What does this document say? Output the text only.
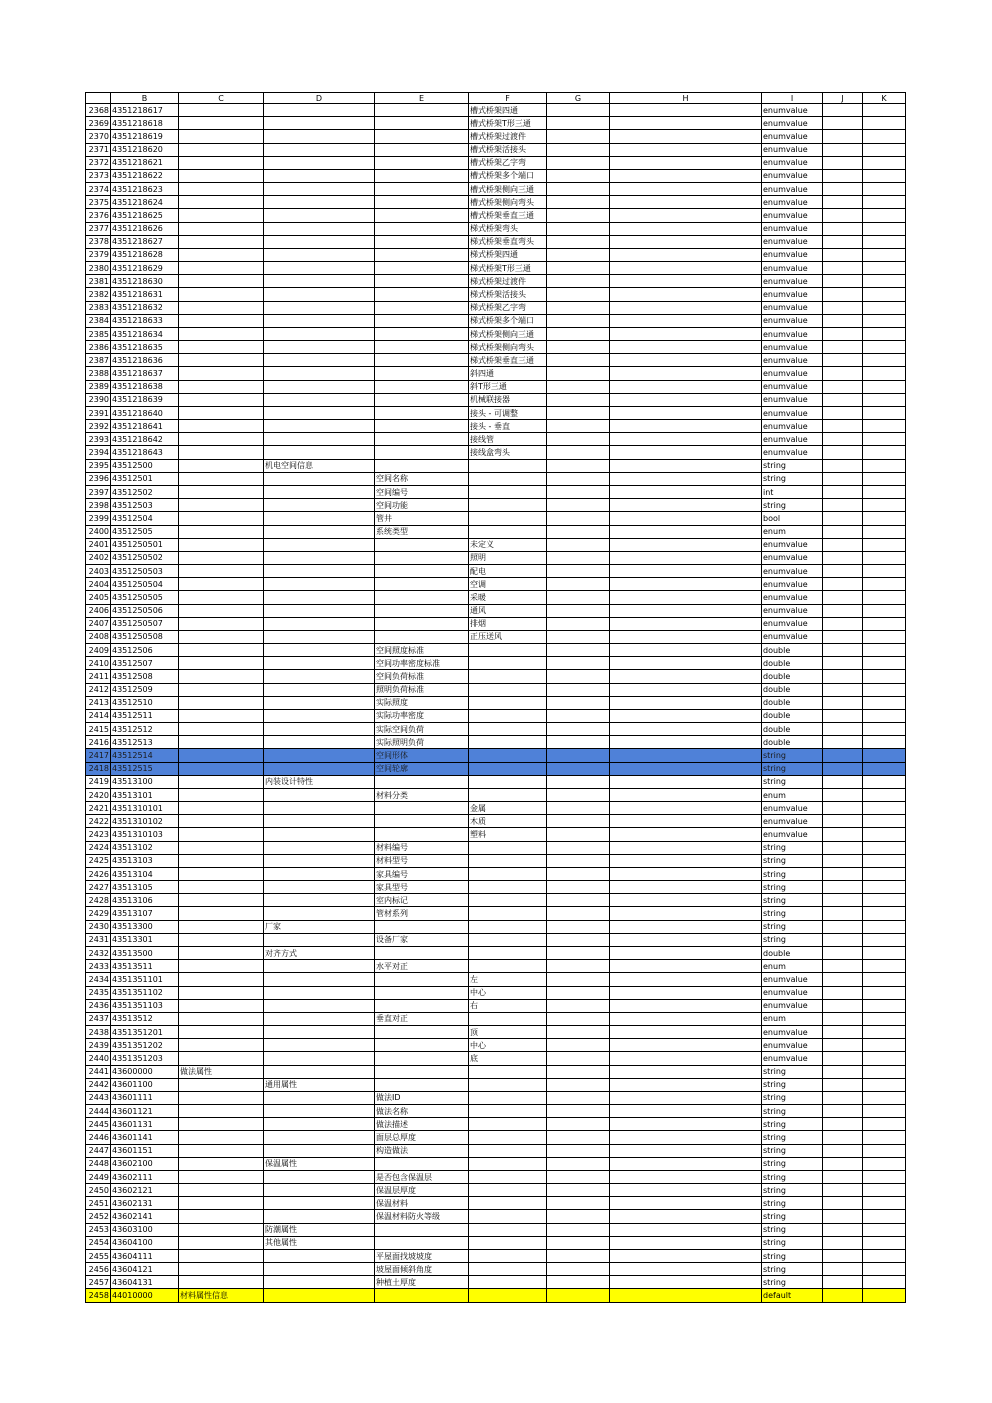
	B	C	D	E	F	G	H	I	J	K
2368	4351218617				槽式桥架四通			enumvalue		
2369	4351218618				槽式桥架T形三通			enumvalue		
2370	4351218619				槽式桥架过渡件			enumvalue		
2371	4351218620				槽式桥架活接头			enumvalue		
2372	4351218621				槽式桥架乙字弯			enumvalue		
2373	4351218622				槽式桥架多个端口			enumvalue		
2374	4351218623				槽式桥架侧向三通			enumvalue		
2375	4351218624				槽式桥架侧向弯头			enumvalue		
2376	4351218625				槽式桥架垂直三通			enumvalue		
2377	4351218626				梯式桥架弯头			enumvalue		
2378	4351218627				梯式桥架垂直弯头			enumvalue		
2379	4351218628				梯式桥架四通			enumvalue		
2380	4351218629				梯式桥架T形三通			enumvalue		
2381	4351218630				梯式桥架过渡件			enumvalue		
2382	4351218631				梯式桥架活接头			enumvalue		
2383	4351218632				梯式桥架乙字弯			enumvalue		
2384	4351218633				梯式桥架多个端口			enumvalue		
2385	4351218634				梯式桥架侧向三通			enumvalue		
2386	4351218635				梯式桥架侧向弯头			enumvalue		
2387	4351218636				梯式桥架垂直三通			enumvalue		
2388	4351218637				斜四通			enumvalue		
2389	4351218638				斜T形三通			enumvalue		
2390	4351218639				机械联接器			enumvalue		
2391	4351218640				接头 - 可调整			enumvalue		
2392	4351218641				接头 - 垂直			enumvalue		
2393	4351218642				接线管			enumvalue		
2394	4351218643				接线盒弯头			enumvalue		
2395	43512500		机电空间信息					string		
2396	43512501			空间名称				string		
2397	43512502			空间编号				int		
2398	43512503			空间功能				string		
2399	43512504			管井				bool		
2400	43512505			系统类型				enum		
2401	4351250501				未定义			enumvalue		
2402	4351250502				照明			enumvalue		
2403	4351250503				配电			enumvalue		
2404	4351250504				空调			enumvalue		
2405	4351250505				采暖			enumvalue		
2406	4351250506				通风			enumvalue		
2407	4351250507				排烟			enumvalue		
2408	4351250508				正压送风			enumvalue		
2409	43512506			空间照度标准				double		
2410	43512507			空间功率密度标准				double		
2411	43512508			空间负荷标准				double		
2412	43512509			照明负荷标准				double		
2413	43512510			实际照度				double		
2414	43512511			实际功率密度				double		
2415	43512512			实际空间负荷				double		
2416	43512513			实际照明负荷				double		
2417	43512514			空间形体				string		
2418	43512515			空间轮廓				string		
2419	43513100		内装设计特性					string		
2420	43513101			材料分类				enum		
2421	4351310101				金属			enumvalue		
2422	4351310102				木质			enumvalue		
2423	4351310103				塑料			enumvalue		
2424	43513102			材料编号				string		
2425	43513103			材料型号				string		
2426	43513104			家具编号				string		
2427	43513105			家具型号				string		
2428	43513106			室内标记				string		
2429	43513107			管材系列				string		
2430	43513300		厂家					string		
2431	43513301			设备厂家				string		
2432	43513500		对齐方式					double		
2433	43513511			水平对正				enum		
2434	4351351101				左			enumvalue		
2435	4351351102				中心			enumvalue		
2436	4351351103				右			enumvalue		
2437	43513512			垂直对正				enum		
2438	4351351201				顶			enumvalue		
2439	4351351202				中心			enumvalue		
2440	4351351203				底			enumvalue		
2441	43600000	做法属性						string		
2442	43601100		通用属性					string		
2443	43601111			做法ID				string		
2444	43601121			做法名称				string		
2445	43601131			做法描述				string		
2446	43601141			面层总厚度				string		
2447	43601151			构造做法				string		
2448	43602100		保温属性					string		
2449	43602111			是否包含保温层				string		
2450	43602121			保温层厚度				string		
2451	43602131			保温材料				string		
2452	43602141			保温材料防火等级				string		
2453	43603100		防潮属性					string		
2454	43604100		其他属性					string		
2455	43604111			平屋面找坡坡度				string		
2456	43604121			坡屋面倾斜角度				string		
2457	43604131			种植土厚度				string		
2458	44010000	材料属性信息						default		
